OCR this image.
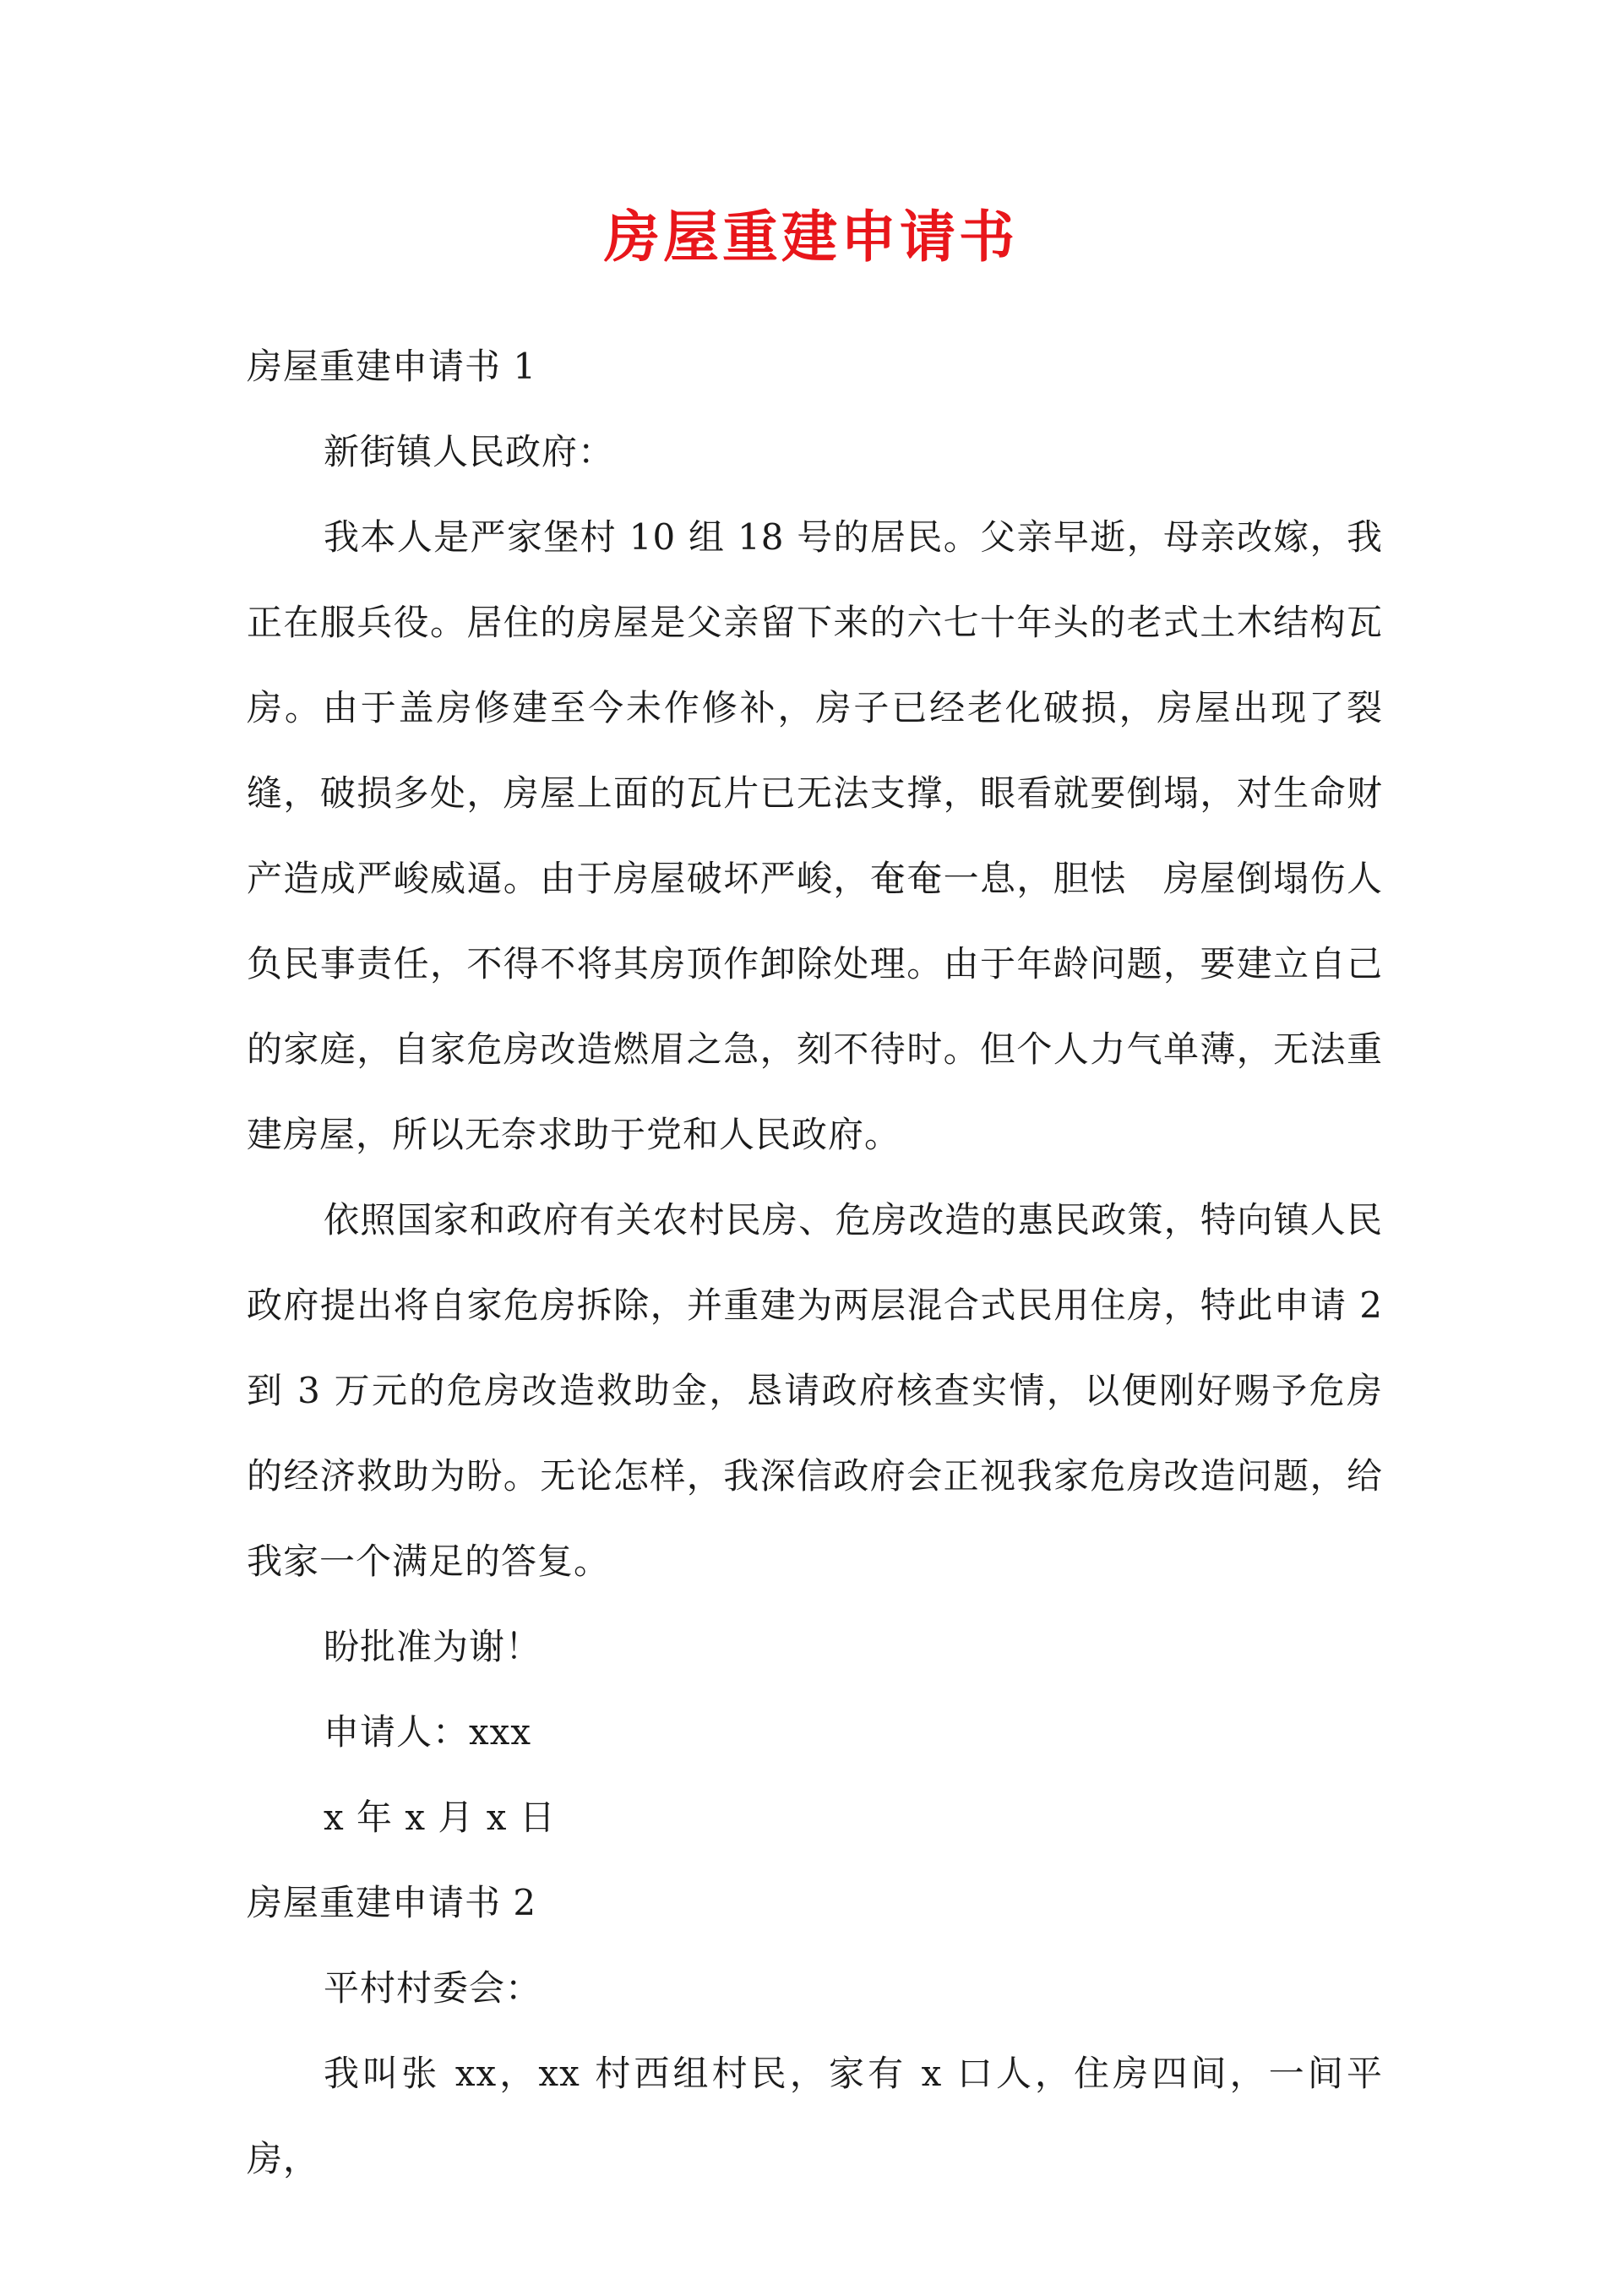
房屋重建申请书

房屋重建申请书 1

新街镇人民政府：

我本人是严家堡村 10 组 18 号的居民。父亲早逝，母亲改嫁，我正在服兵役。居住的房屋是父亲留下来的六七十年头的老式土木结构瓦房。由于盖房修建至今未作修补，房子已经老化破损，房屋出现了裂缝，破损多处，房屋上面的瓦片已无法支撑，眼看就要倒塌，对生命财产造成严峻威逼。由于房屋破坏严峻，奄奄一息，胆怯　房屋倒塌伤人负民事责任，不得不将其房顶作卸除处理。由于年龄问题，要建立自己的家庭，自家危房改造燃眉之急，刻不待时。但个人力气单薄，无法重建房屋，所以无奈求助于党和人民政府。

依照国家和政府有关农村民房、危房改造的惠民政策，特向镇人民政府提出将自家危房拆除，并重建为两层混合式民用住房，特此申请 2 到 3 万元的危房改造救助金，恳请政府核查实情，以便刚好赐予危房的经济救助为盼。无论怎样，我深信政府会正视我家危房改造问题，给我家一个满足的答复。

盼批准为谢！

申请人：xxx

x 年 x 月 x 日

房屋重建申请书 2

平村村委会：

我叫张 xx，xx 村西组村民，家有 x 口人，住房四间，一间平房，
